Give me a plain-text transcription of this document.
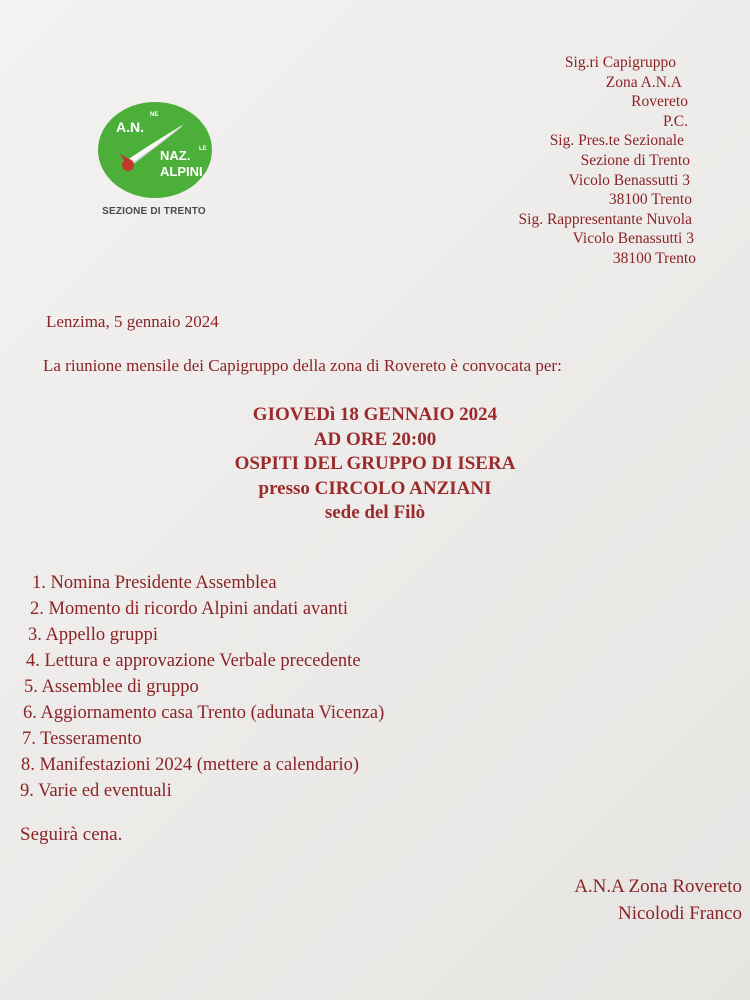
A.N.
NE
NAZ. LE
ALPINI
SEZIONE DI TRENTO
Sig.ri Capigruppo
Zona A.N.A
Rovereto
P.C.
Sig. Pres.te Sezionale
Sezione di Trento
Vicolo Benassutti 3
38100 Trento
Sig. Rappresentante Nuvola
Vicolo Benassutti 3
38100 Trento
Lenzima, 5 gennaio 2024
La riunione mensile dei Capigruppo della zona di Rovereto è convocata per:
GIOVEDì 18 GENNAIO 2024
AD ORE 20:00
OSPITI DEL GRUPPO DI ISERA
presso CIRCOLO ANZIANI
sede del Filò
1. Nomina Presidente Assemblea
2. Momento di ricordo Alpini andati avanti
3. Appello gruppi
4. Lettura e approvazione Verbale precedente
5. Assemblee di gruppo
6. Aggiornamento casa Trento (adunata Vicenza)
7. Tesseramento
8. Manifestazioni 2024 (mettere a calendario)
9. Varie ed eventuali
Seguirà cena.
A.N.A Zona Rovereto
Nicolodi Franco
